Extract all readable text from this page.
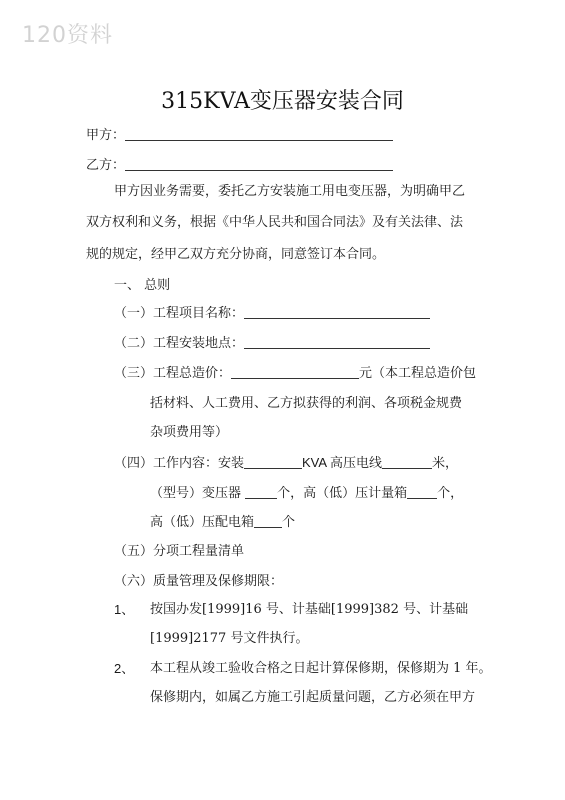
120资料
315KVA变压器安装合同
甲方：
乙方：
甲方因业务需要，委托乙方安装施工用电变压器，为明确甲乙
双方权利和义务，根据《中华人民共和国合同法》及有关法律、法
规的规定，经甲乙双方充分协商，同意签订本合同。
一、 总则
（一）工程项目名称：
（二）工程安装地点：
（三）工程总造价：	元（本工程总造价包
括材料、人工费用、乙方拟获得的利润、各项税金规费
杂项费用等）
（四）工作内容：安装	KVA 高压电线	米，
（型号）变压器	个，高（低）压计量箱 个，
高（低）压配电箱 个
（五）分项工程量清单
（六）质量管理及保修期限：
1、 按国办发[1999]16 号、计基础[1999]382 号、计基础
[1999]2177 号文件执行。
2、 本工程从竣工验收合格之日起计算保修期，保修期为 1 年。
保修期内，如属乙方施工引起质量问题，乙方必须在甲方
